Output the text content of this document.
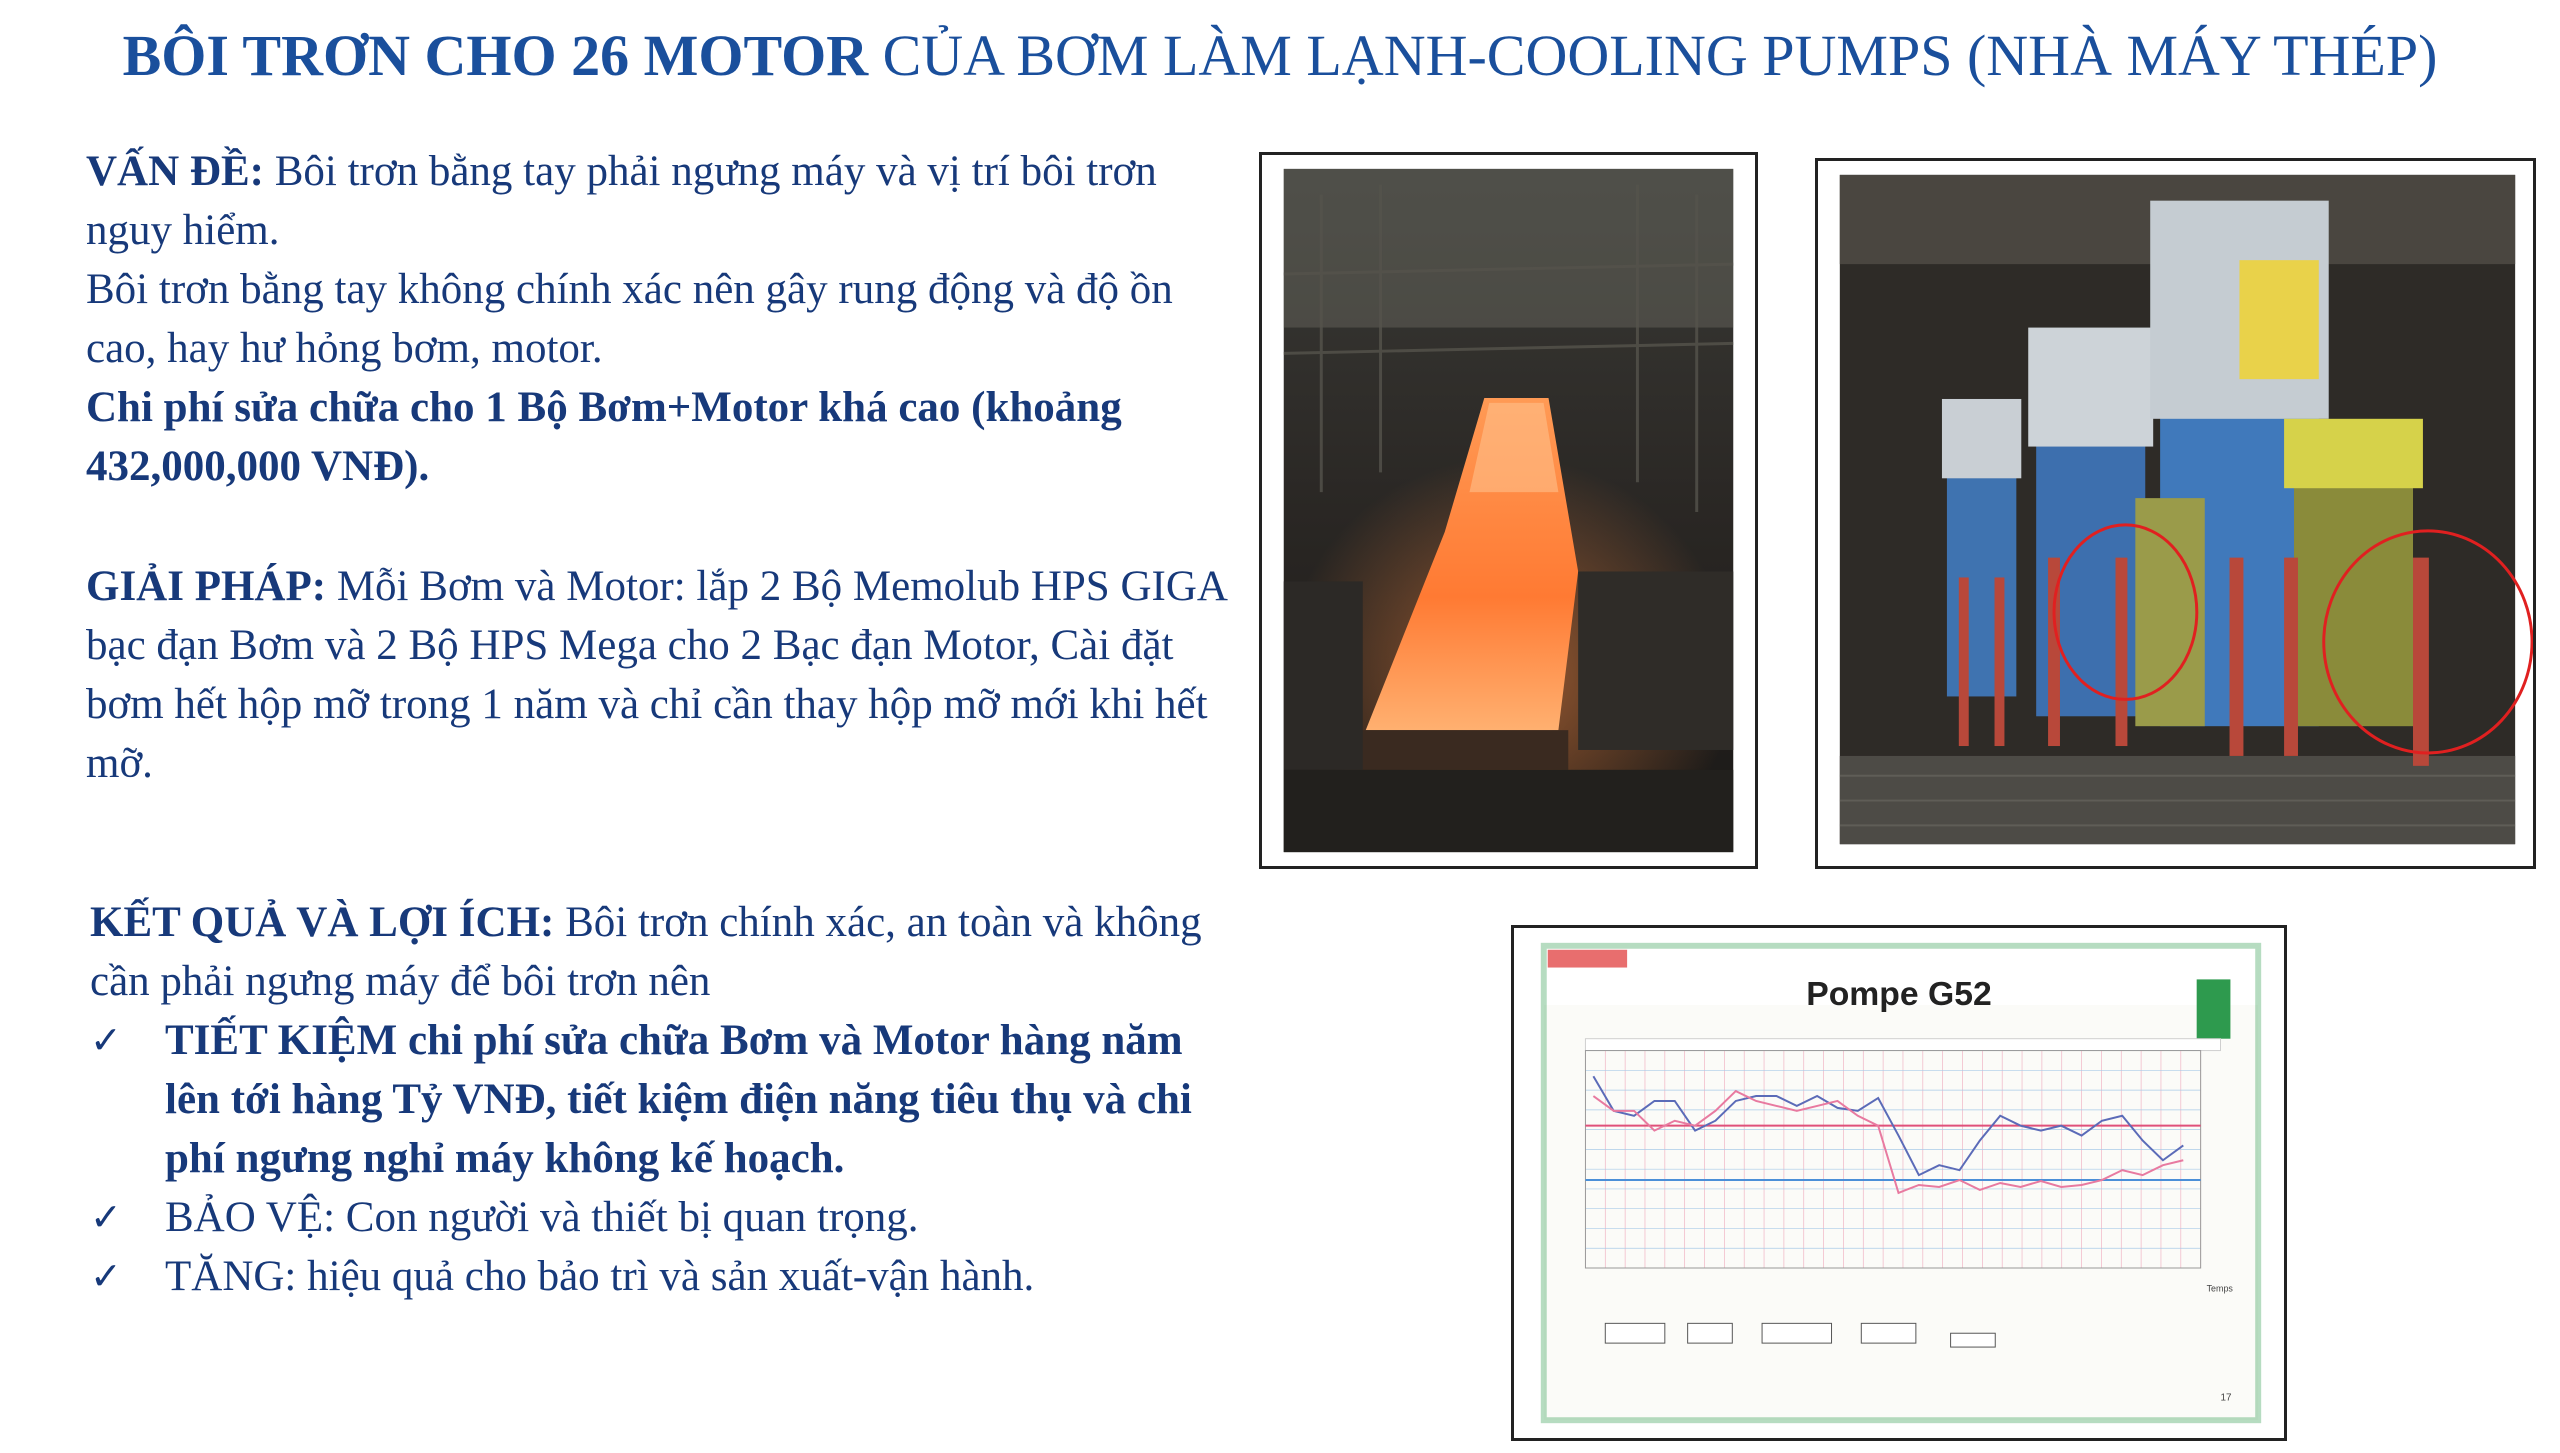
BÔI TRƠN CHO 26 MOTOR CỦA BƠM LÀM LẠNH-COOLING PUMPS (NHÀ MÁY THÉP)
VẤN ĐỀ: Bôi trơn bằng tay phải ngưng máy và vị trí bôi trơn nguy hiểm.
Bôi trơn bằng tay không chính xác nên gây rung động và độ ồn cao, hay hư hỏng bơm, motor.
Chi phí sửa chữa cho 1 Bộ Bơm+Motor khá cao (khoảng 432,000,000 VNĐ).
GIẢI PHÁP: Mỗi Bơm và Motor: lắp 2 Bộ Memolub HPS GIGA bạc đạn Bơm và 2 Bộ HPS Mega cho 2 Bạc đạn Motor, Cài đặt bơm hết hộp mỡ trong 1 năm và chỉ cần thay hộp mỡ mới khi hết mỡ.
KẾT QUẢ VÀ LỢI ÍCH: Bôi trơn chính xác, an toàn và không cần phải ngưng máy để bôi trơn nên
✓ TIẾT KIỆM chi phí sửa chữa Bơm và Motor hàng năm lên tới hàng Tỷ VNĐ, tiết kiệm điện năng tiêu thụ và chi phí ngưng nghỉ máy không kế hoạch.
✓ BẢO VỆ: Con người và thiết bị quan trọng.
✓ TĂNG: hiệu quả cho bảo trì và sản xuất-vận hành.
Pompe G52
Temps
17
